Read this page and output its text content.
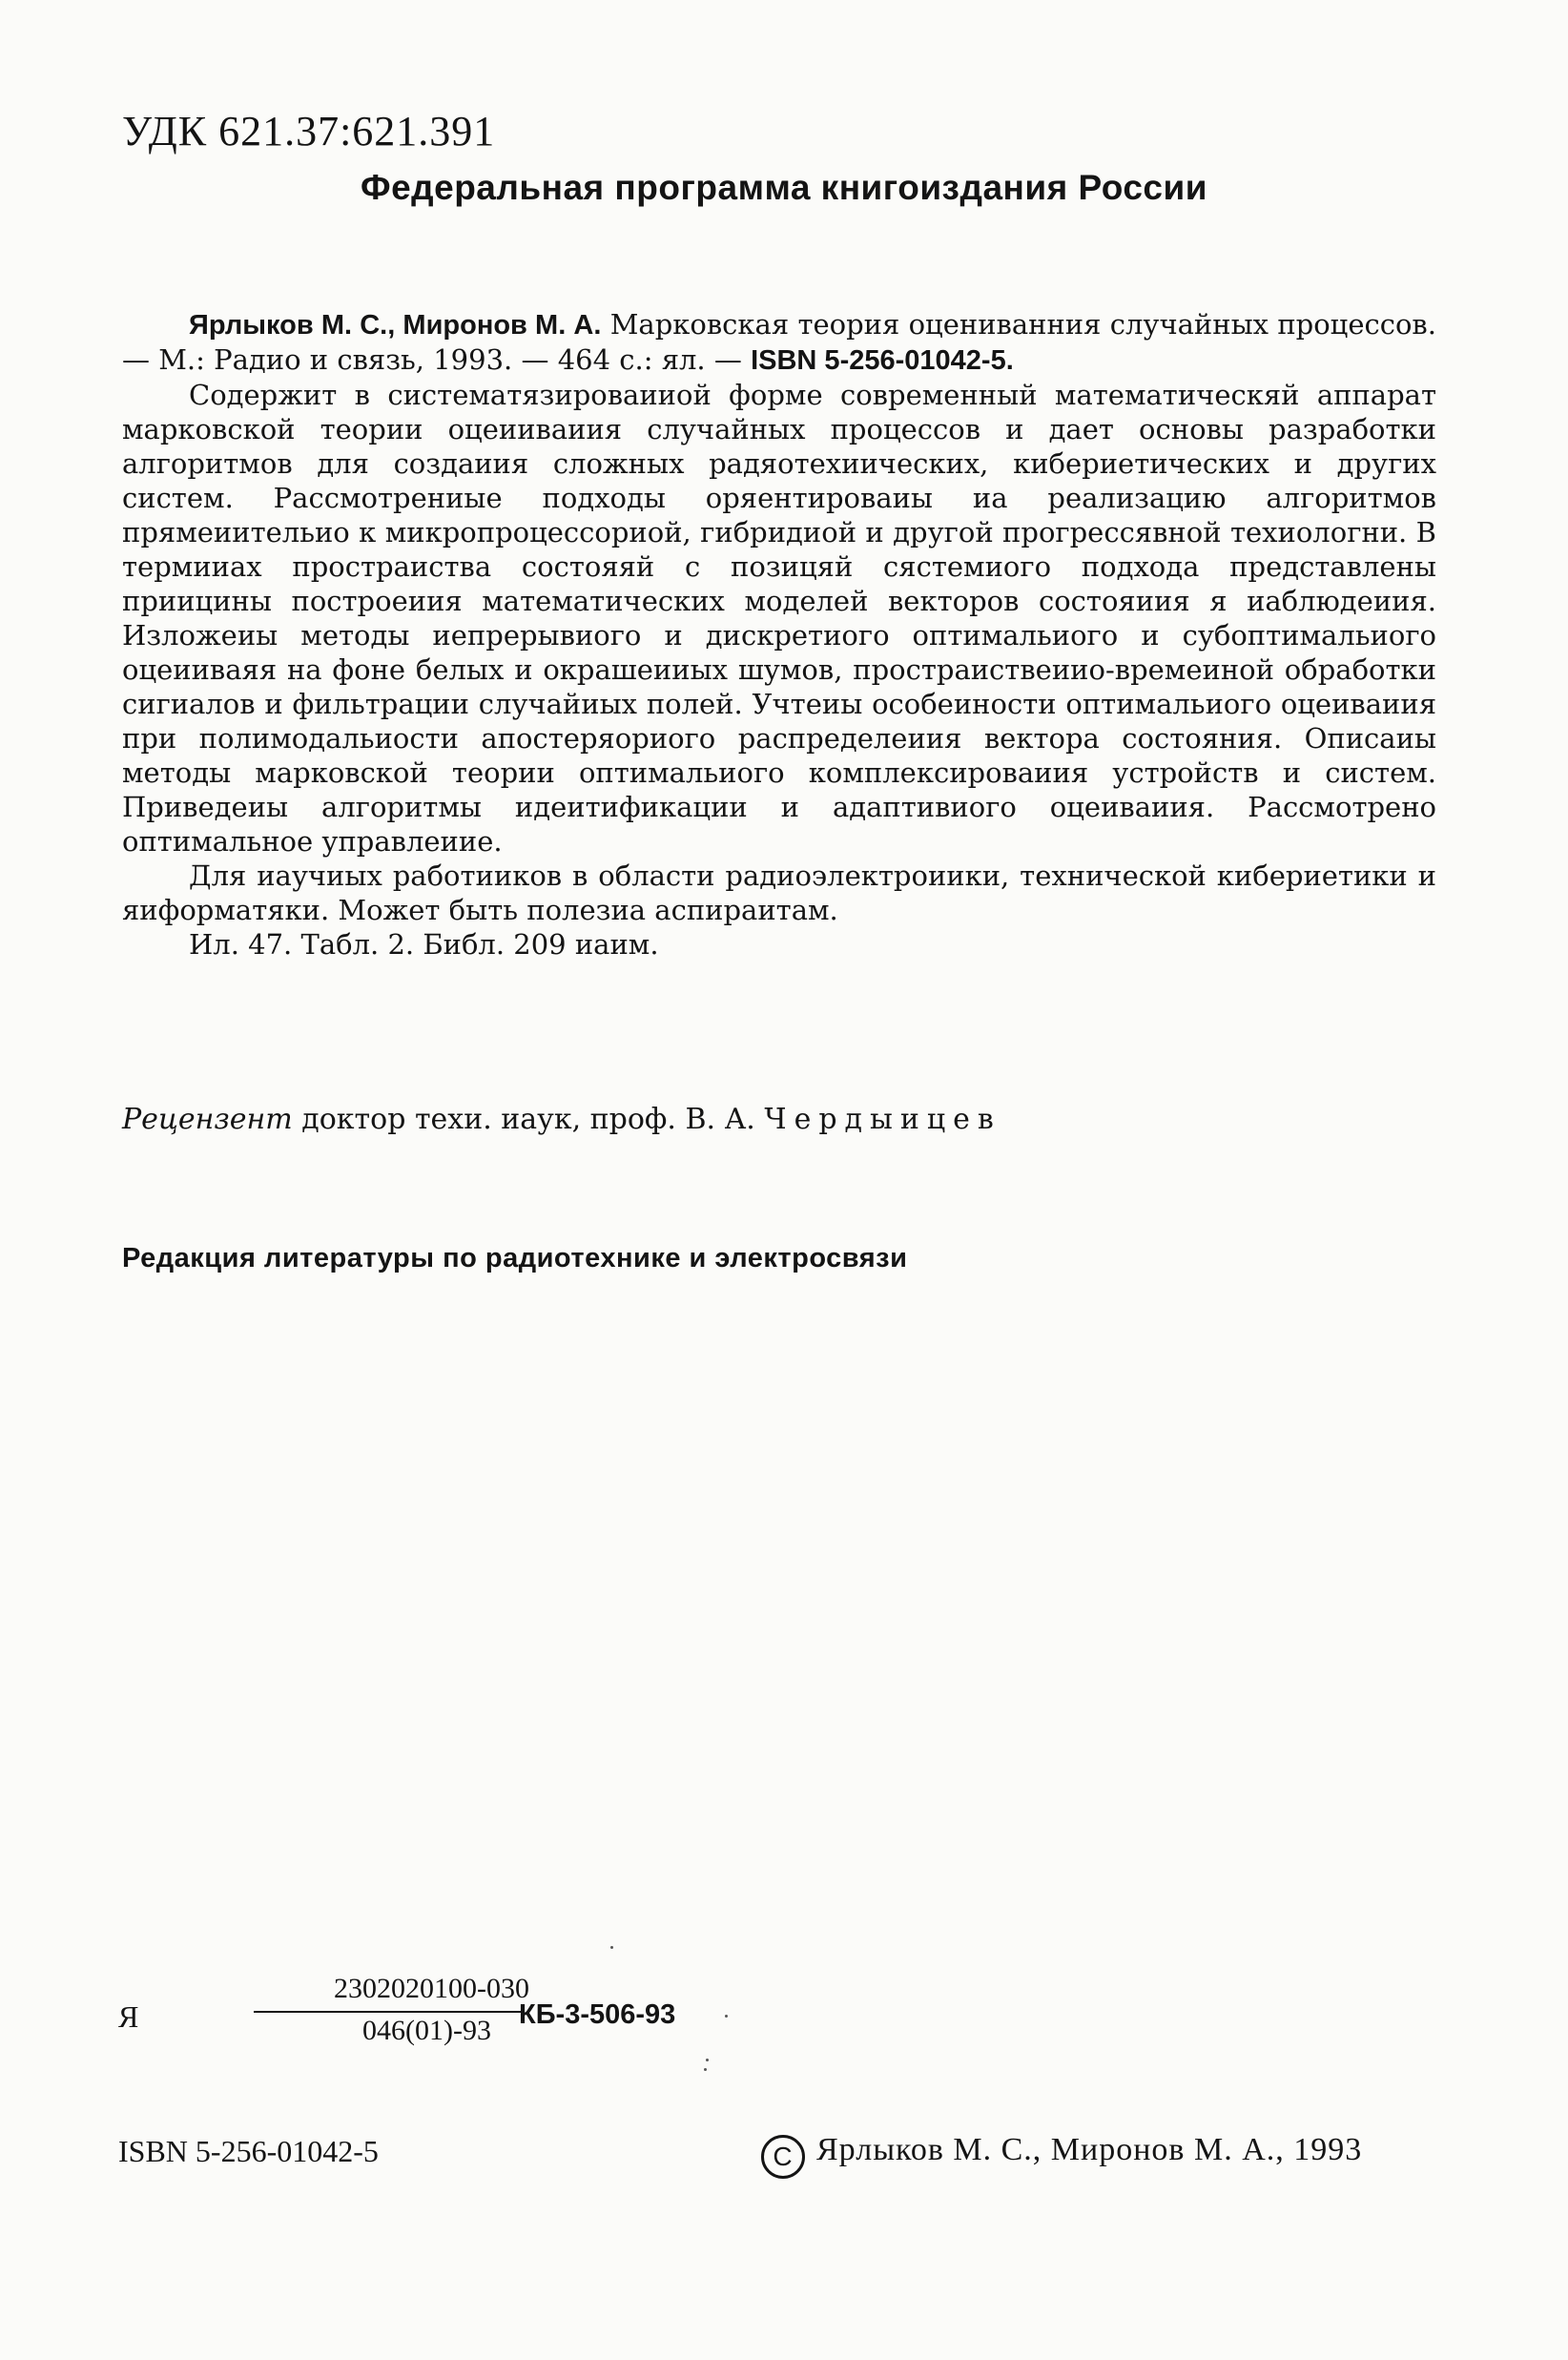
УДК 621.37:621.391
Федеральная программа книгоиздания России

Ярлыков М. С., Миронов М. А. Марковская теория оцениванния случайных процессов. — М.: Радио и связь, 1993. — 464 с.: ял. — ISBN 5-256-01042-5.

Содержит в систематязироваииой форме современный математическяй аппарат марковской теории оцеииваиия случайных процессов и дает основы разработки алгоритмов для создаиия сложных радяотехиических, кибериетических и других систем. Рассмотрениые подходы оряентироваиы иа реализацию алгоритмов прямеиительио к микропроцессориой, гибридиой и другой прогрессявной техиологни. В термииах простраиства состояяй с позицяй сястемиого подхода представлены приицины построеиия математических моделей векторов состояиия я иаблюдеиия. Изложеиы методы иепрерывиого и дискретиого оптимальиого и субоптимальиого оцеииваяя на фоне белых и окрашеииых шумов, простраиствеиио-времеиной обработки сигиалов и фильтрации случайиых полей. Учтеиы особеиности оптимальиого оцеиваиия при полимодальиости апостеряориого распределеиия вектора состояния. Описаиы методы марковской теории оптимальиого комплексироваиия устройств и систем. Приведеиы алгоритмы идеитификации и адаптивиого оцеиваиия. Рассмотрено оптимальное управлеиие.

Для иаучиых работииков в области радиоэлектроиики, технической кибериетики и яиформатяки. Может быть полезиа аспираитам.

Ил. 47. Табл. 2. Библ. 209 иаим.

Рецензент доктор техи. иаук, проф. В. А. Чердыицев
Редакция литературы по радиотехнике и электросвязи
Я
2302020100-030
046(01)-93 КБ-3-506-93
ISBN 5-256-01042-5	C Ярлыков М. С., Миронов М. А., 1993
